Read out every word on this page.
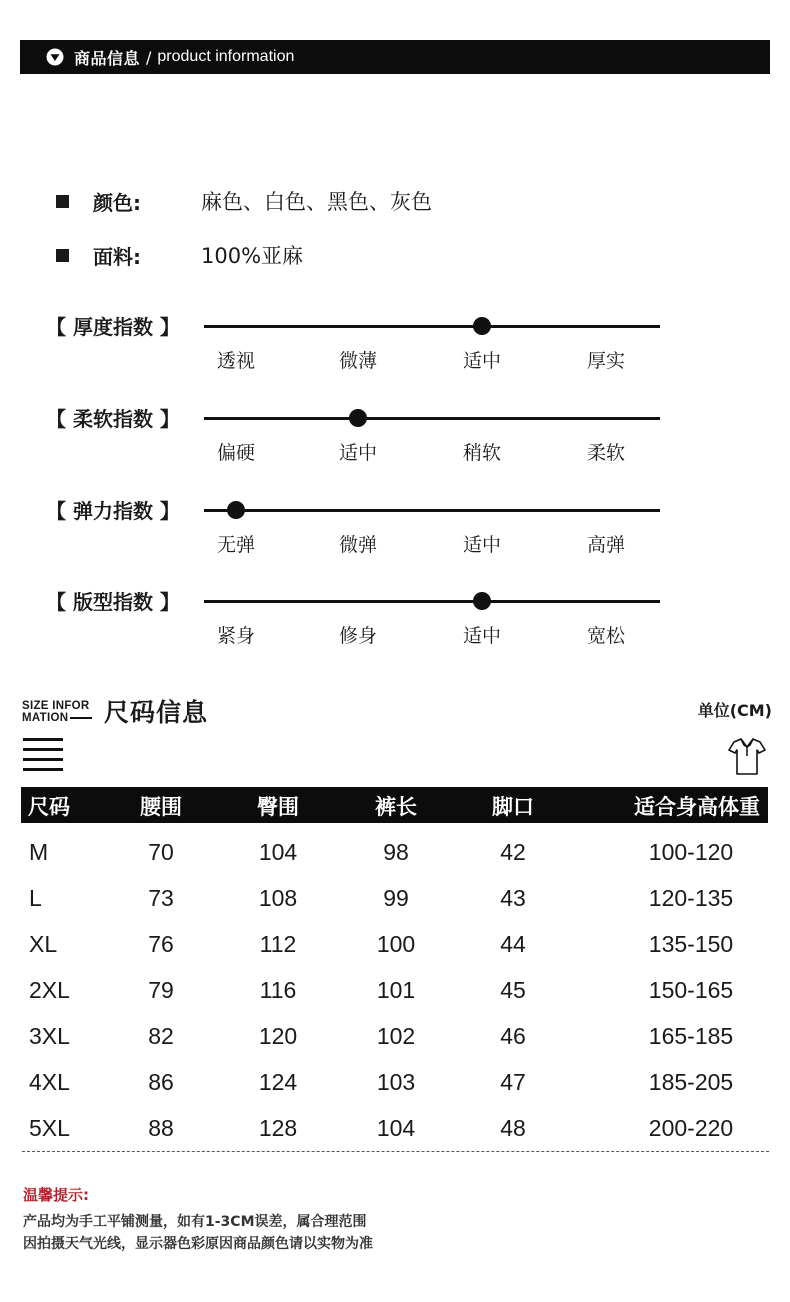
商品信息 / product information
颜色:	麻色、白色、黑色、灰色
面料:	100%亚麻
【 厚度指数 】
透视	微薄	适中	厚实
【 柔软指数 】
偏硬	适中	稍软	柔软
【 弹力指数 】
无弹	微弹	适中	高弹
【 版型指数 】
紧身	修身	适中	宽松
SIZE INFOR
MATION 尺码信息	单位(CM)
尺码	腰围	臀围	裤长	脚口	适合身高体重
M	70	104	98	42	100-120
L	73	108	99	43	120-135
XL	76	112	100	44	135-150
2XL	79	116	101	45	150-165
3XL	82	120	102	46	165-185
4XL	86	124	103	47	185-205
5XL	88	128	104	48	200-220
温馨提示:
产品均为手工平铺测量，如有1-3CM误差，属合理范围
因拍摄天气光线，显示器色彩原因商品颜色请以实物为准
